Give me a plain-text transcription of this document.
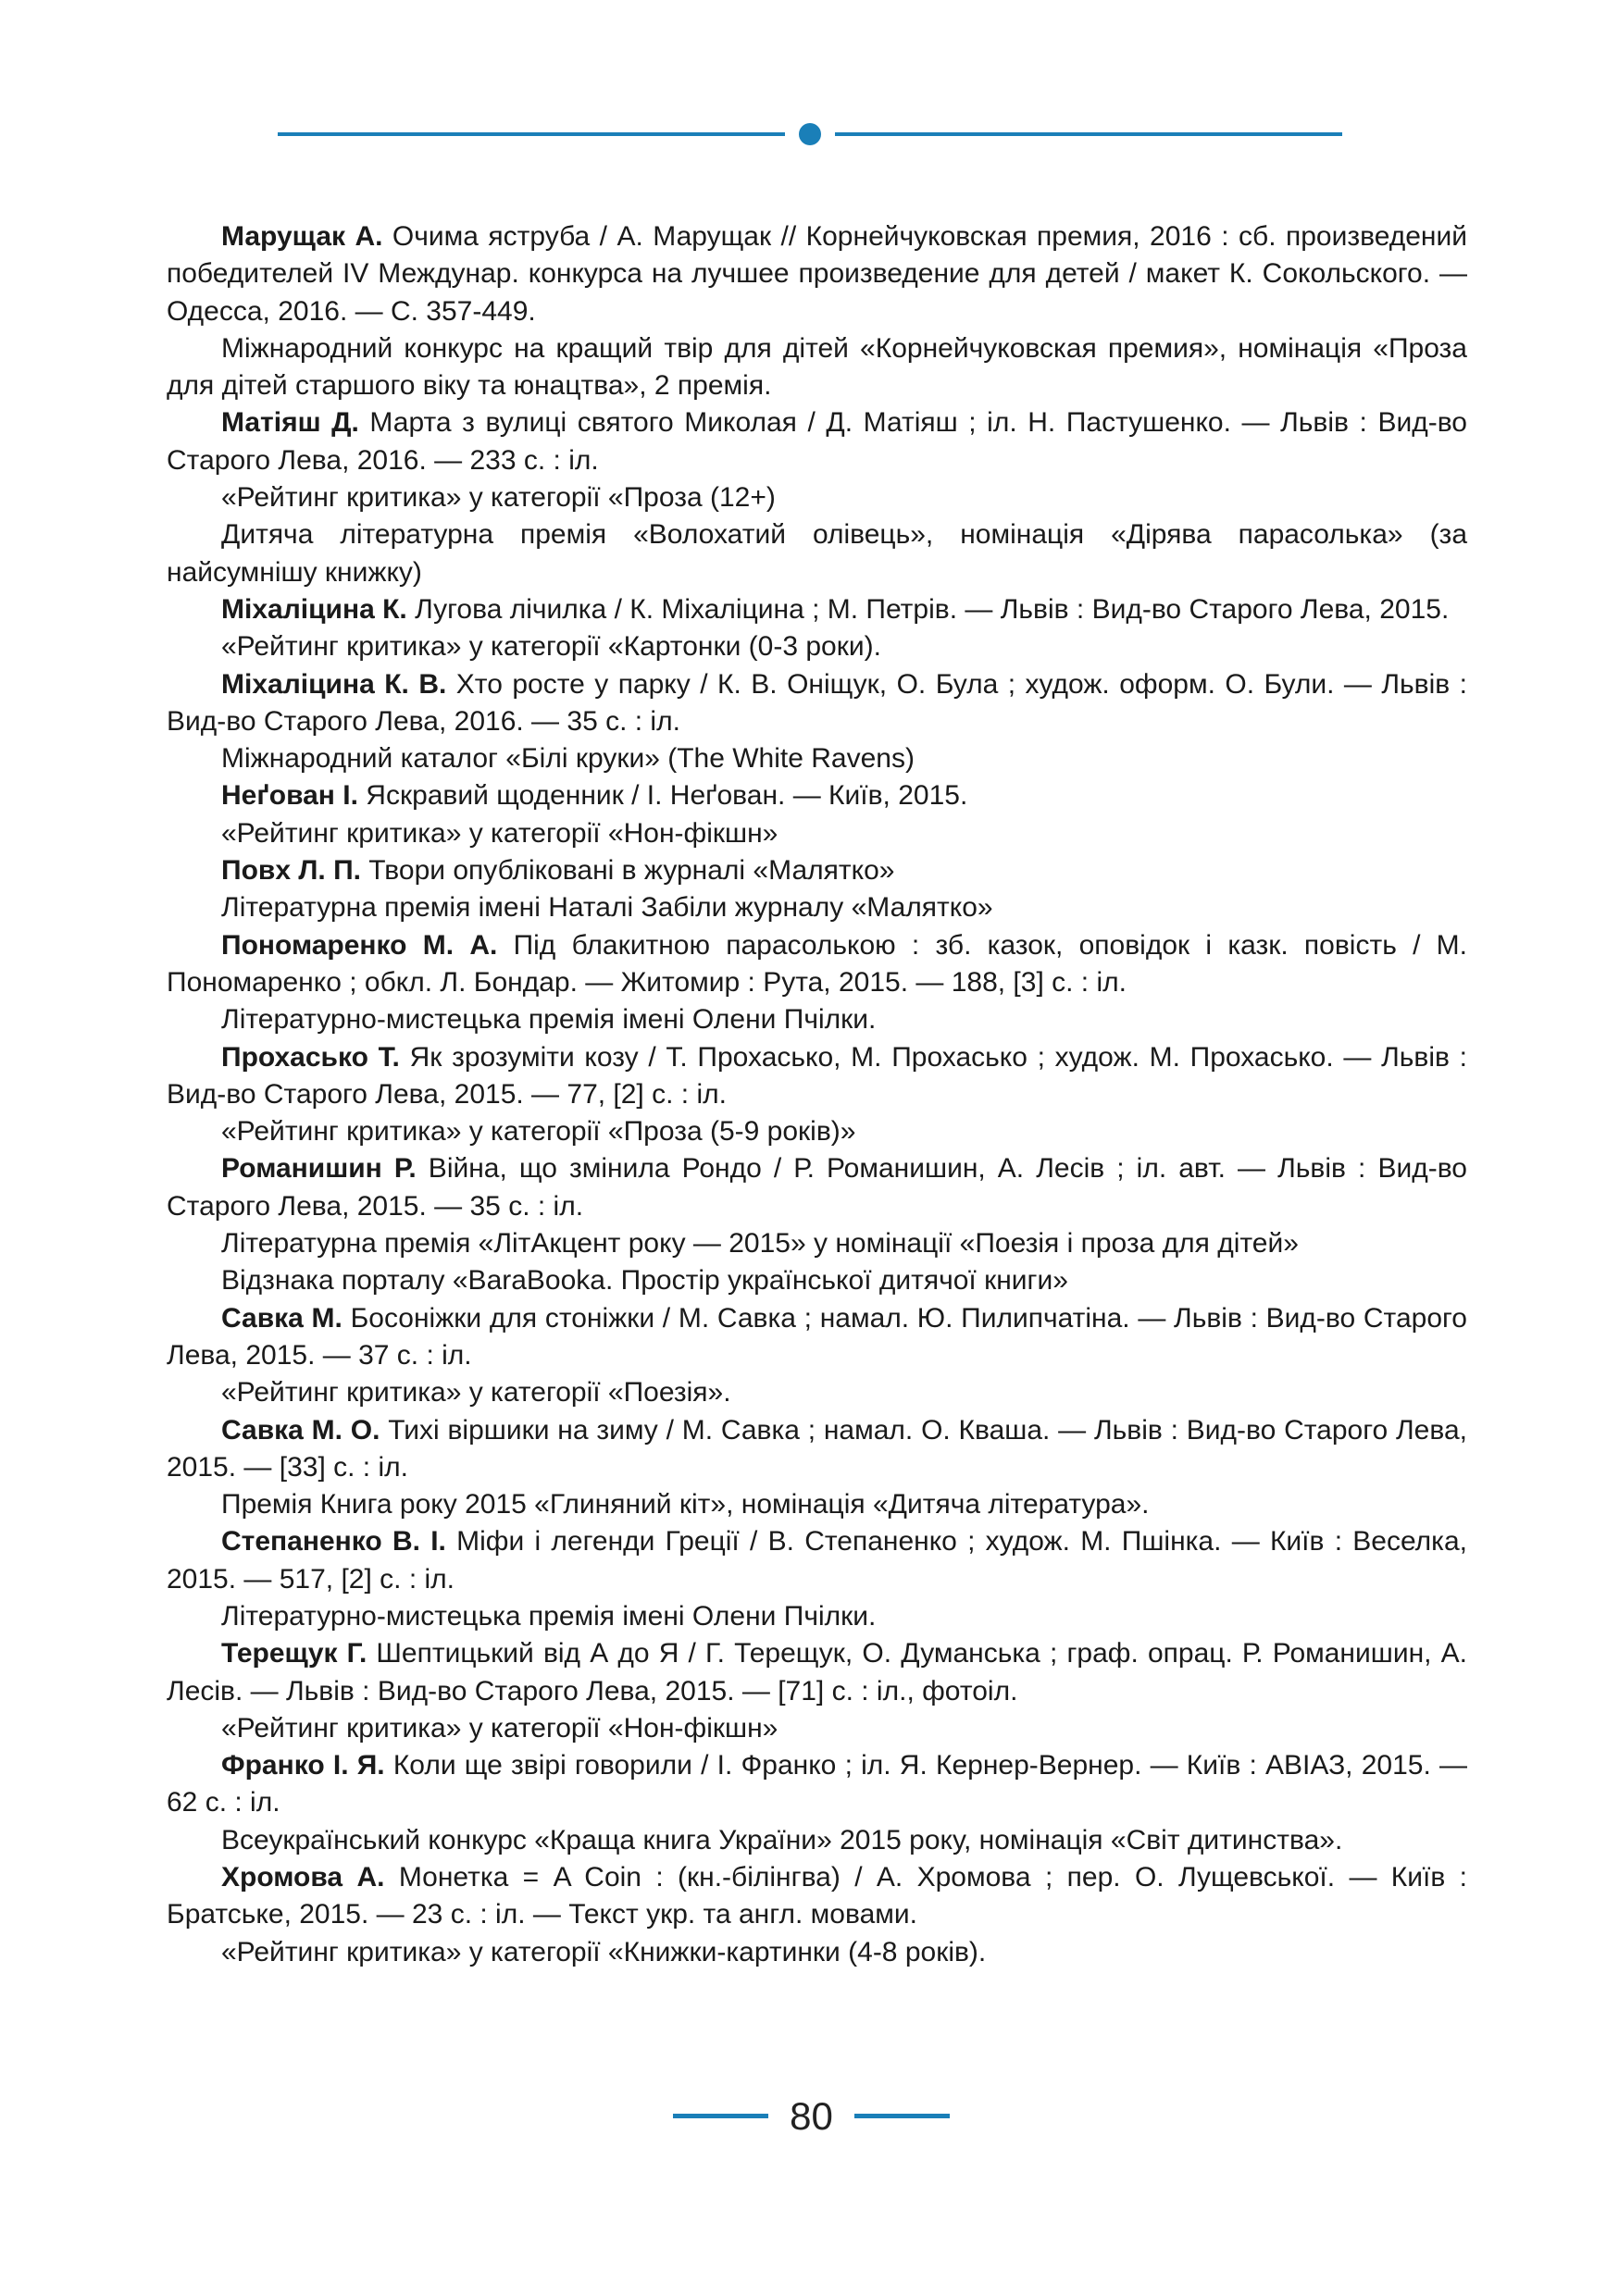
Марущак А. Очима яструба / А. Марущак // Корнейчуковская премия, 2016 : сб. произведений победителей IV Междунар. конкурса на лучшее произведение для детей / макет К. Сокольского. — Одесса, 2016. — С. 357-449.

Міжнародний конкурс на кращий твір для дітей «Корнейчуковская премия», номінація «Проза для дітей старшого віку та юнацтва», 2 премія.

Матіяш Д. Марта з вулиці святого Миколая / Д. Матіяш ; іл. Н. Пастушенко. — Львів : Вид-во Старого Лева, 2016. — 233 с. : іл.

«Рейтинг критика» у категорії «Проза (12+)

Дитяча літературна премія «Волохатий олівець», номінація «Дірява парасолька» (за найсумнішу книжку)

Міхаліцина К. Лугова лічилка / К. Міхаліцина ; М. Петрів. — Львів : Вид-во Старого Лева, 2015.

«Рейтинг критика» у категорії «Картонки (0-3 роки).

Міхаліцина К. В. Хто росте у парку / К. В. Оніщук, О. Була ; худож. оформ. О. Були. — Львів : Вид-во Старого Лева, 2016. — 35 с. : іл.

Міжнародний каталог «Білі круки» (The White Ravens)

Неґован І. Яскравий щоденник / І. Неґован. — Київ, 2015.

«Рейтинг критика» у категорії «Нон-фікшн»

Повх Л. П. Твори опубліковані в журналі «Малятко»

Літературна премія імені Наталі Забіли журналу «Малятко»

Пономаренко М. А. Під блакитною парасолькою : зб. казок, оповідок і казк. повість / М. Пономаренко ; обкл. Л. Бондар. — Житомир : Рута, 2015. — 188, [3] с. : іл.

Літературно-мистецька премія імені Олени Пчілки.

Прохасько Т. Як зрозуміти козу / Т. Прохасько, М. Прохасько ; худож. М. Прохасько. — Львів : Вид-во Старого Лева, 2015. — 77, [2] с. : іл.

«Рейтинг критика» у категорії «Проза (5-9 років)»

Романишин Р. Війна, що змінила Рондо / Р. Романишин, А. Лесів ; іл. авт. — Львів : Вид-во Старого Лева, 2015. — 35 с. : іл.

Літературна премія «ЛітАкцент року — 2015» у номінації «Поезія і проза для дітей»

Відзнака порталу «BaraBooka. Простір української дитячої книги»

Савка М. Босоніжки для стоніжки / М. Савка ; намал. Ю. Пилипчатіна. — Львів : Вид-во Старого Лева, 2015. — 37 с. : іл.

«Рейтинг критика» у категорії «Поезія».

Савка М. О. Тихі віршики на зиму / М. Савка ; намал. О. Кваша. — Львів : Вид-во Старого Лева, 2015. — [33] с. : іл.

Премія Книга року 2015 «Глиняний кіт», номінація «Дитяча література».

Степаненко В. І. Міфи і легенди Греції / В. Степаненко ; худож. М. Пшінка. — Київ : Веселка, 2015. — 517, [2] с. : іл.

Літературно-мистецька премія імені Олени Пчілки.

Терещук Г. Шептицький від А до Я / Г. Терещук, О. Думанська ; граф. опрац. Р. Романишин, А. Лесів. — Львів : Вид-во Старого Лева, 2015. — [71] с. : іл., фотоіл.

«Рейтинг критика» у категорії «Нон-фікшн»

Франко І. Я. Коли ще звірі говорили / І. Франко ; іл. Я. Кернер-Вернер. — Київ : АВІАЗ, 2015. — 62 с. : іл.

Всеукраїнський конкурс «Краща книга України» 2015 року, номінація «Світ дитинства».

Хромова А. Монетка = A Coin : (кн.-білінгва) / А. Хромова ; пер. О. Лущевської. — Київ : Братське, 2015. — 23 с. : іл. — Текст укр. та англ. мовами.

«Рейтинг критика» у категорії «Книжки-картинки (4-8 років).

80
